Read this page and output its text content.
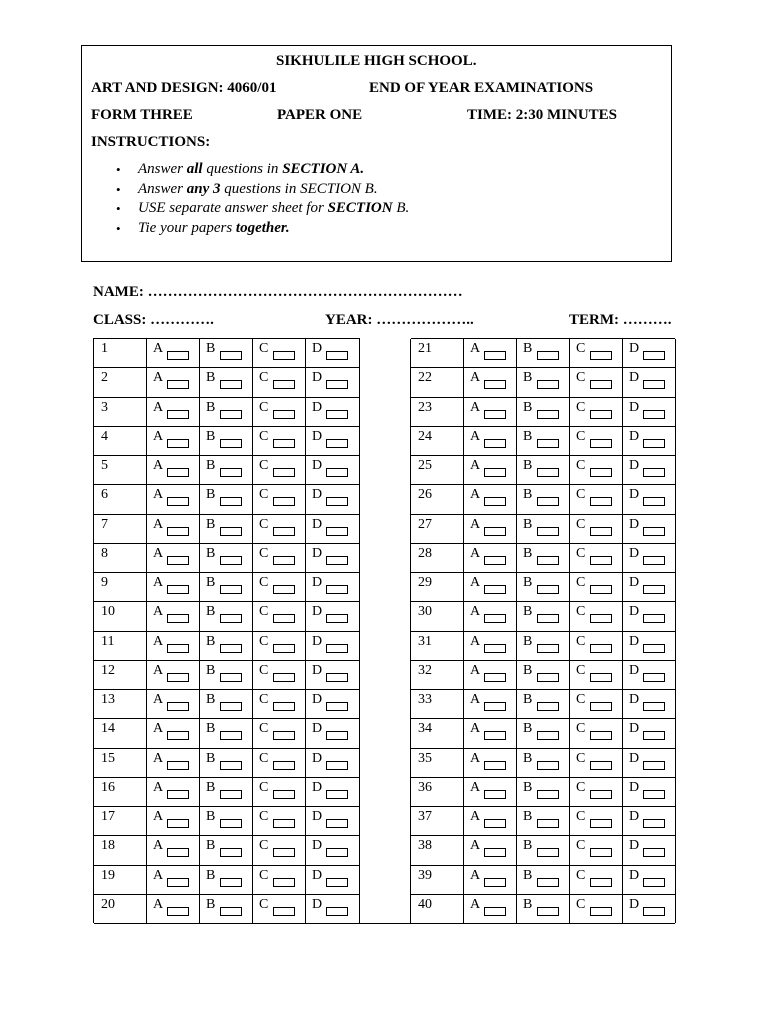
SIKHULILE HIGH SCHOOL.
ART AND DESIGN: 4060/01	END OF YEAR EXAMINATIONS
FORM THREE	PAPER ONE	TIME: 2:30 MINUTES
INSTRUCTIONS:
• Answer all questions in SECTION A.
• Answer any 3 questions in SECTION B.
• USE separate answer sheet for SECTION B.
• Tie your papers together.
NAME: ………………………………………………………
CLASS: ………….	YEAR: ………………..	TERM: ……….
1	A	B	C	D
2	A	B	C	D
3	A	B	C	D
4	A	B	C	D
5	A	B	C	D
6	A	B	C	D
7	A	B	C	D
8	A	B	C	D
9	A	B	C	D
10	A	B	C	D
11	A	B	C	D
12	A	B	C	D
13	A	B	C	D
14	A	B	C	D
15	A	B	C	D
16	A	B	C	D
17	A	B	C	D
18	A	B	C	D
19	A	B	C	D
20	A	B	C	D
21	A	B	C	D
22	A	B	C	D
23	A	B	C	D
24	A	B	C	D
25	A	B	C	D
26	A	B	C	D
27	A	B	C	D
28	A	B	C	D
29	A	B	C	D
30	A	B	C	D
31	A	B	C	D
32	A	B	C	D
33	A	B	C	D
34	A	B	C	D
35	A	B	C	D
36	A	B	C	D
37	A	B	C	D
38	A	B	C	D
39	A	B	C	D
40	A	B	C	D
